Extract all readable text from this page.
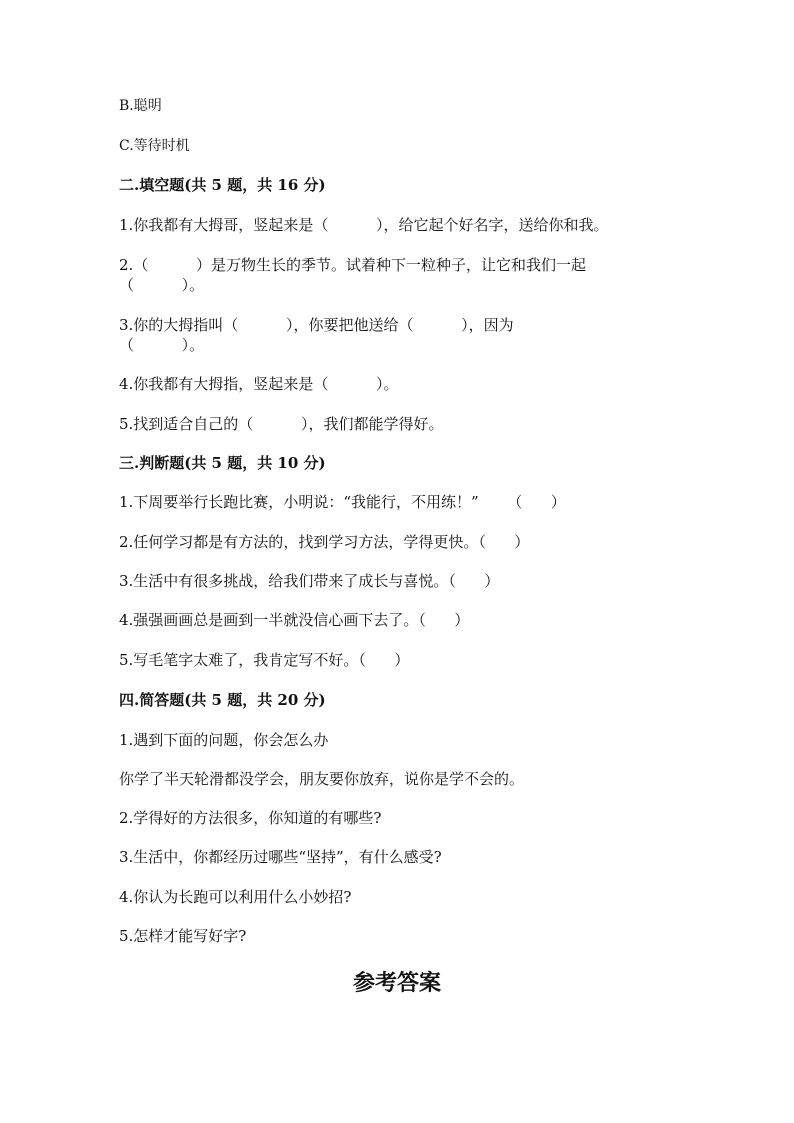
B.聪明
C.等待时机
二.填空题(共 5 题，共 16 分)
1.你我都有大拇哥，竖起来是（          ），给它起个好名字，送给你和我。
2.（          ）是万物生长的季节。试着种下一粒种子，让它和我们一起
（          ）。
3.你的大拇指叫（          ），你要把他送给（          ），因为
（          ）。
4.你我都有大拇指，竖起来是（          ）。
5.找到适合自己的（          ），我们都能学得好。
三.判断题(共 5 题，共 10 分)
1.下周要举行长跑比赛，小明说：“我能行，不用练！”      （      ）
2.任何学习都是有方法的，找到学习方法，学得更快。（      ）
3.生活中有很多挑战，给我们带来了成长与喜悦。（      ）
4.强强画画总是画到一半就没信心画下去了。（      ）
5.写毛笔字太难了，我肯定写不好。（      ）
四.简答题(共 5 题，共 20 分)
1.遇到下面的问题，你会怎么办
你学了半天轮滑都没学会，朋友要你放弃，说你是学不会的。
2.学得好的方法很多，你知道的有哪些?
3.生活中，你都经历过哪些“坚持”，有什么感受?
4.你认为长跑可以利用什么小妙招?
5.怎样才能写好字?
参考答案
